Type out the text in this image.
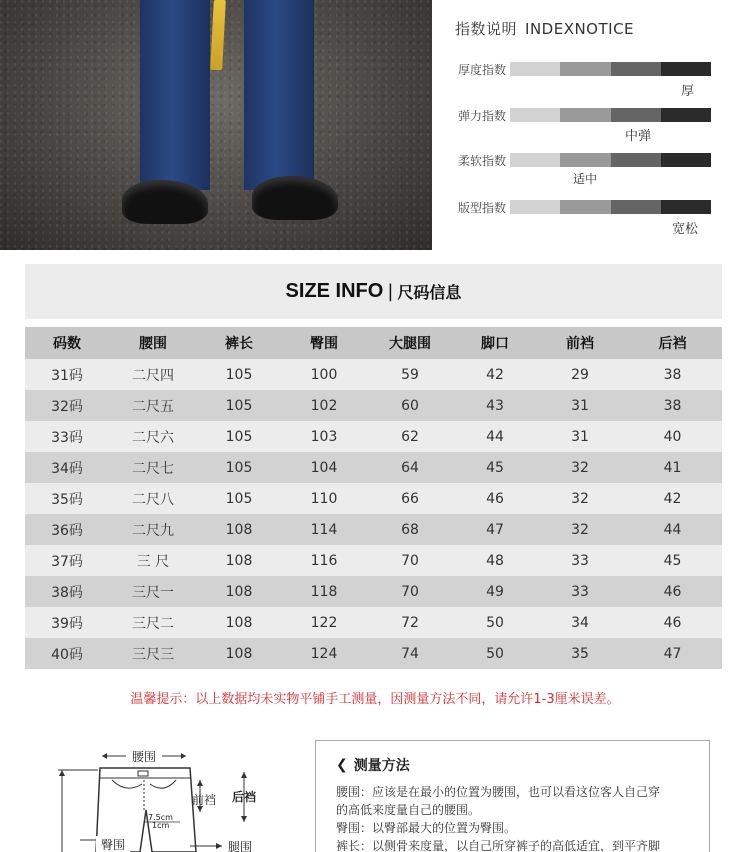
指数说明 INDEXNOTICE
厚度指数
厚
弹力指数
中弹
柔软指数
适中
版型指数
宽松
SIZE INFO | 尺码信息
码数	腰围	裤长	臀围	大腿围	脚口	前裆	后裆
31码	二尺四	105	100	59	42	29	38
32码	二尺五	105	102	60	43	31	38
33码	二尺六	105	103	62	44	31	40
34码	二尺七	105	104	64	45	32	41
35码	二尺八	105	110	66	46	32	42
36码	二尺九	108	114	68	47	32	44
37码	三 尺	108	116	70	48	33	45
38码	三尺一	108	118	70	49	33	46
39码	三尺二	108	122	72	50	34	46
40码	三尺三	108	124	74	50	35	47
温馨提示：以上数据均未实物平铺手工测量，因测量方法不同，请允许1-3厘米误差。
腰围
前裆 后裆
7.5cm
1cm
臀围	腿围
❮ 测量方法

腰围：应该是在最小的位置为腰围，也可以看这位客人自己穿

的高低来度量自己的腰围。

臀围：以臀部最大的位置为臀围。

裤长：以侧骨来度量，以自己所穿裤子的高低适宜，到平齐脚
